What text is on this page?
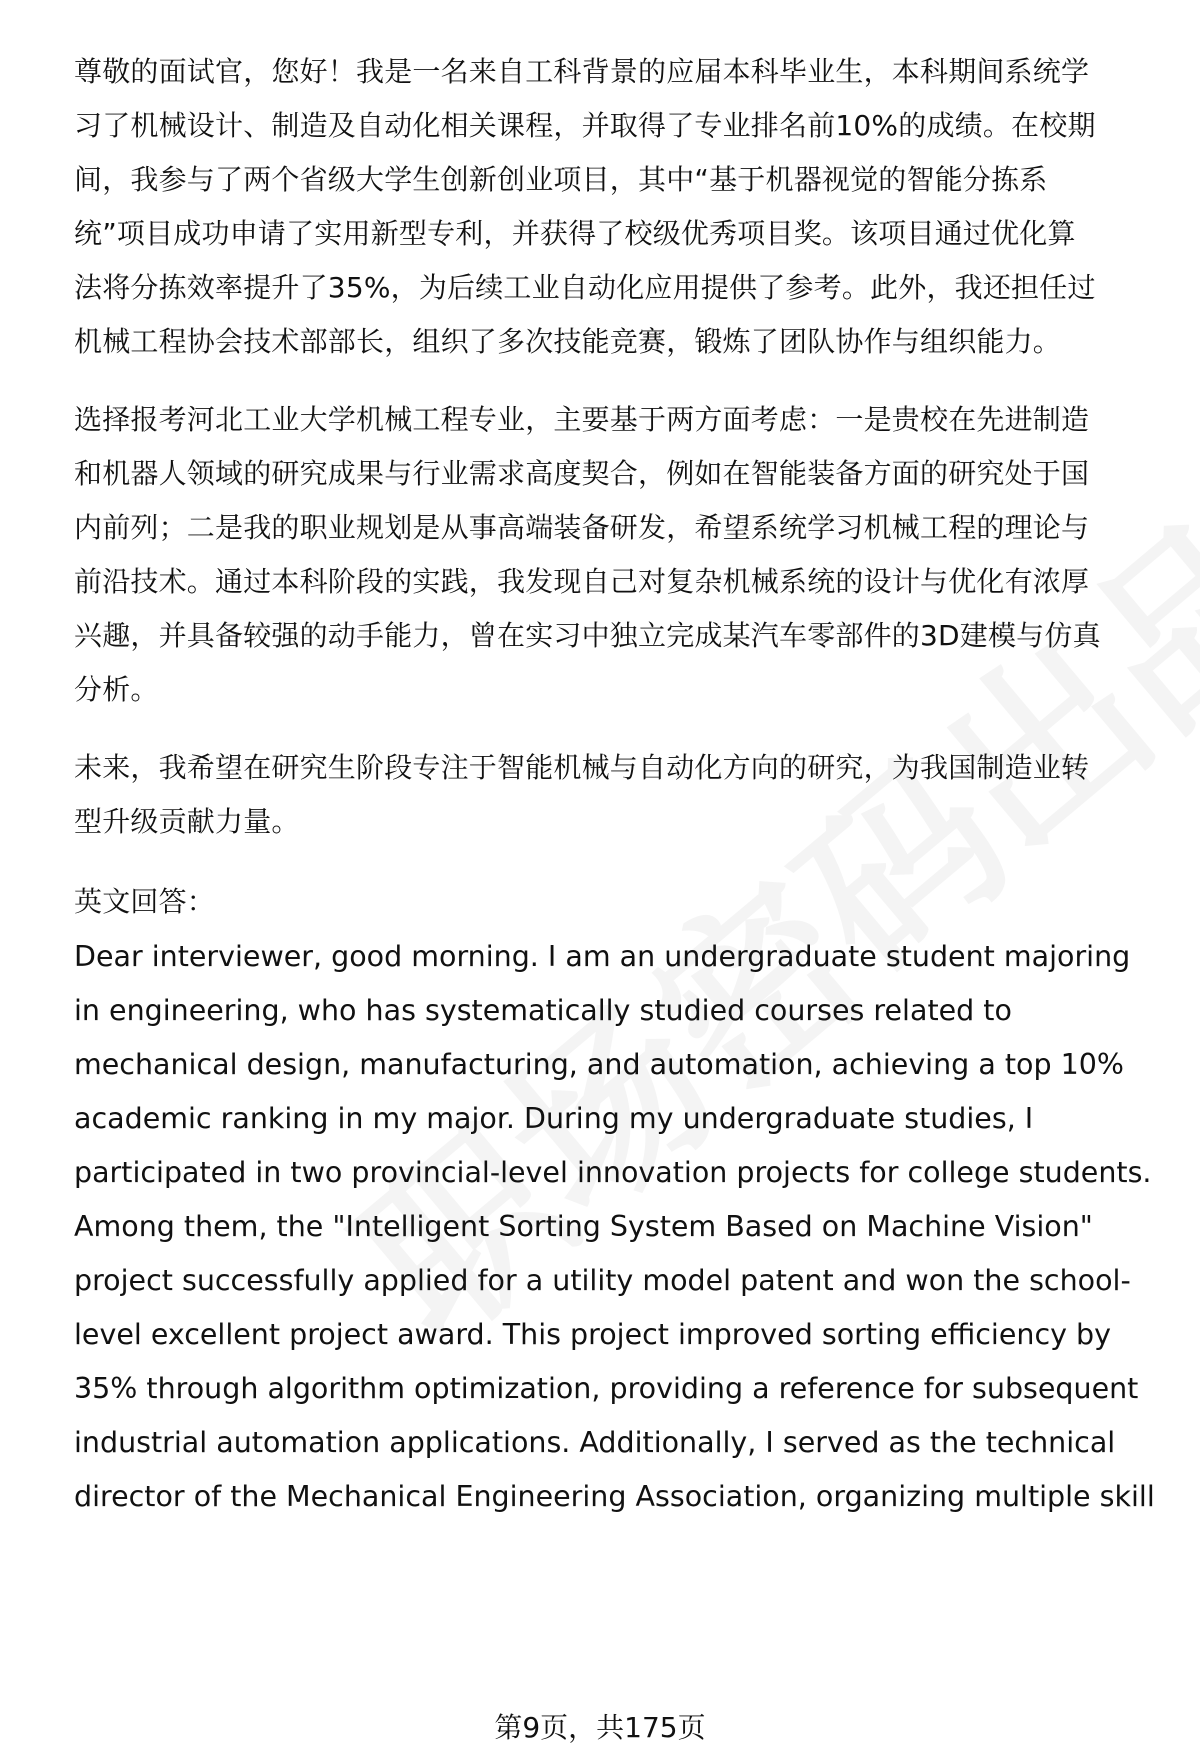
尊敬的面试官，您好！我是一名来自工科背景的应届本科毕业生，本科期间系统学
习了机械设计、制造及自动化相关课程，并取得了专业排名前10%的成绩。在校期
间，我参与了两个省级大学生创新创业项目，其中“基于机器视觉的智能分拣系
统”项目成功申请了实用新型专利，并获得了校级优秀项目奖。该项目通过优化算
法将分拣效率提升了35%，为后续工业自动化应用提供了参考。此外，我还担任过
机械工程协会技术部部长，组织了多次技能竞赛，锻炼了团队协作与组织能力。
选择报考河北工业大学机械工程专业，主要基于两方面考虑：一是贵校在先进制造
和机器人领域的研究成果与行业需求高度契合，例如在智能装备方面的研究处于国
内前列；二是我的职业规划是从事高端装备研发，希望系统学习机械工程的理论与
前沿技术。通过本科阶段的实践，我发现自己对复杂机械系统的设计与优化有浓厚
兴趣，并具备较强的动手能力，曾在实习中独立完成某汽车零部件的3D建模与仿真
分析。
未来，我希望在研究生阶段专注于智能机械与自动化方向的研究，为我国制造业转
型升级贡献力量。
英文回答：
Dear interviewer, good morning. I am an undergraduate student majoring
in engineering, who has systematically studied courses related to
mechanical design, manufacturing, and automation, achieving a top 10%
academic ranking in my major. During my undergraduate studies, I
participated in two provincial-level innovation projects for college students.
Among them, the "Intelligent Sorting System Based on Machine Vision"
project successfully applied for a utility model patent and won the school-
level excellent project award. This project improved sorting efficiency by
35% through algorithm optimization, providing a reference for subsequent
industrial automation applications. Additionally, I served as the technical
director of the Mechanical Engineering Association, organizing multiple skill
第9页，共175页
